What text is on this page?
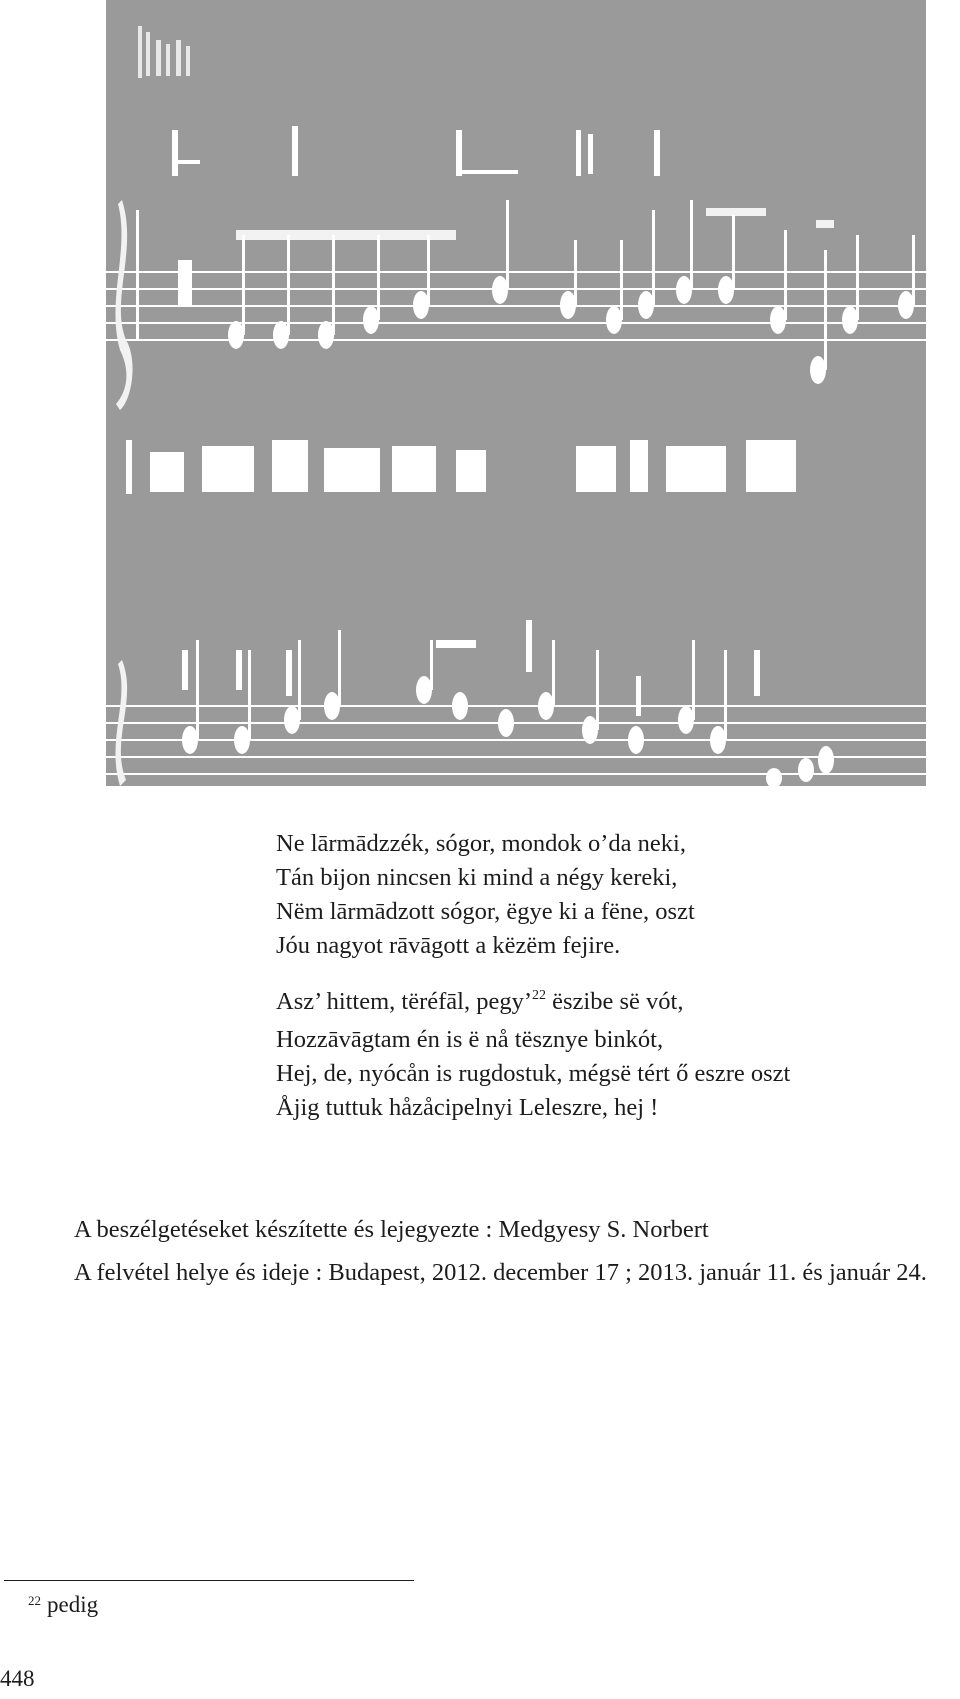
Ne lārmādzzék, sógor, mondok o’da neki,
Tán bijon nincsen ki mind a négy kereki,
Nëm lārmādzott sógor, ëgye ki a fëne, oszt
Jóu nagyot rāvāgott a këzëm fejire.
Asz’ hittem, tëréfāl, pegy’$^{22}$ ëszibe së vót,
Hozzāvāgtam én is ë nå tësznye binkót,
Hej, de, nyócån is rugdostuk, mégsë tért ő eszre oszt
Åjig tuttuk håzåcipelnyi Leleszre, hej !

A beszélgetéseket készítette és lejegyezte : Medgyesy S. Norbert

A felvétel helye és ideje : Budapest, 2012. december 17 ; 2013. január 11. és január 24.

$^{22}$ pedig
448
